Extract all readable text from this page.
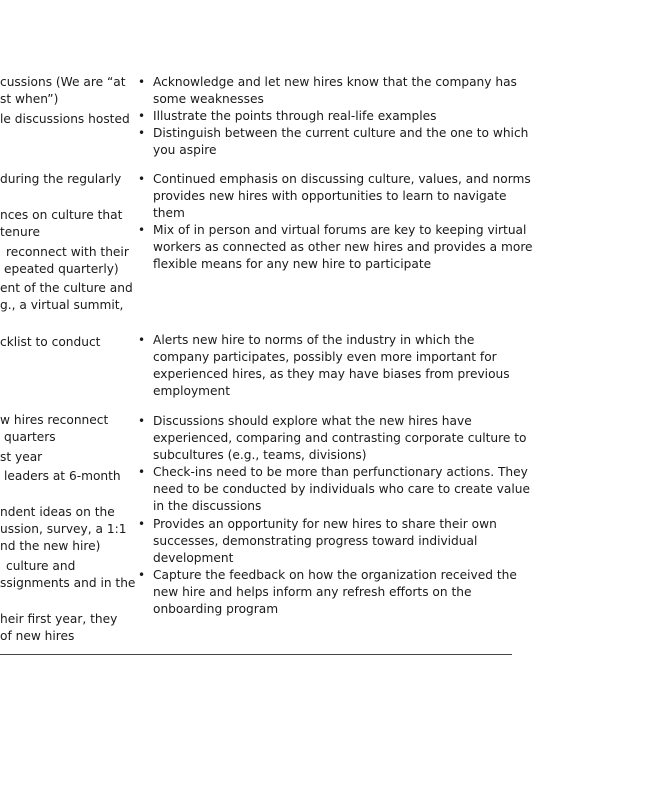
cussions (We are “at
st when”)
le discussions hosted
during the regularly
nces on culture that
tenure
reconnect with their
epeated quarterly)
ent of the culture and
g., a virtual summit,
cklist to conduct
w hires reconnect
quarters
st year
leaders at 6-month
ndent ideas on the
ussion, survey, a 1:1
nd the new hire)
culture and
ssignments and in the
heir first year, they
of new hires
• Acknowledge and let new hires know that the company has
some weaknesses
• Illustrate the points through real-life examples
• Distinguish between the current culture and the one to which
you aspire
• Continued emphasis on discussing culture, values, and norms
provides new hires with opportunities to learn to navigate
them
• Mix of in person and virtual forums are key to keeping virtual
workers as connected as other new hires and provides a more
flexible means for any new hire to participate
• Alerts new hire to norms of the industry in which the
company participates, possibly even more important for
experienced hires, as they may have biases from previous
employment
• Discussions should explore what the new hires have
experienced, comparing and contrasting corporate culture to
subcultures (e.g., teams, divisions)
• Check-ins need to be more than perfunctionary actions. They
need to be conducted by individuals who care to create value
in the discussions
• Provides an opportunity for new hires to share their own
successes, demonstrating progress toward individual
development
• Capture the feedback on how the organization received the
new hire and helps inform any refresh efforts on the
onboarding program
